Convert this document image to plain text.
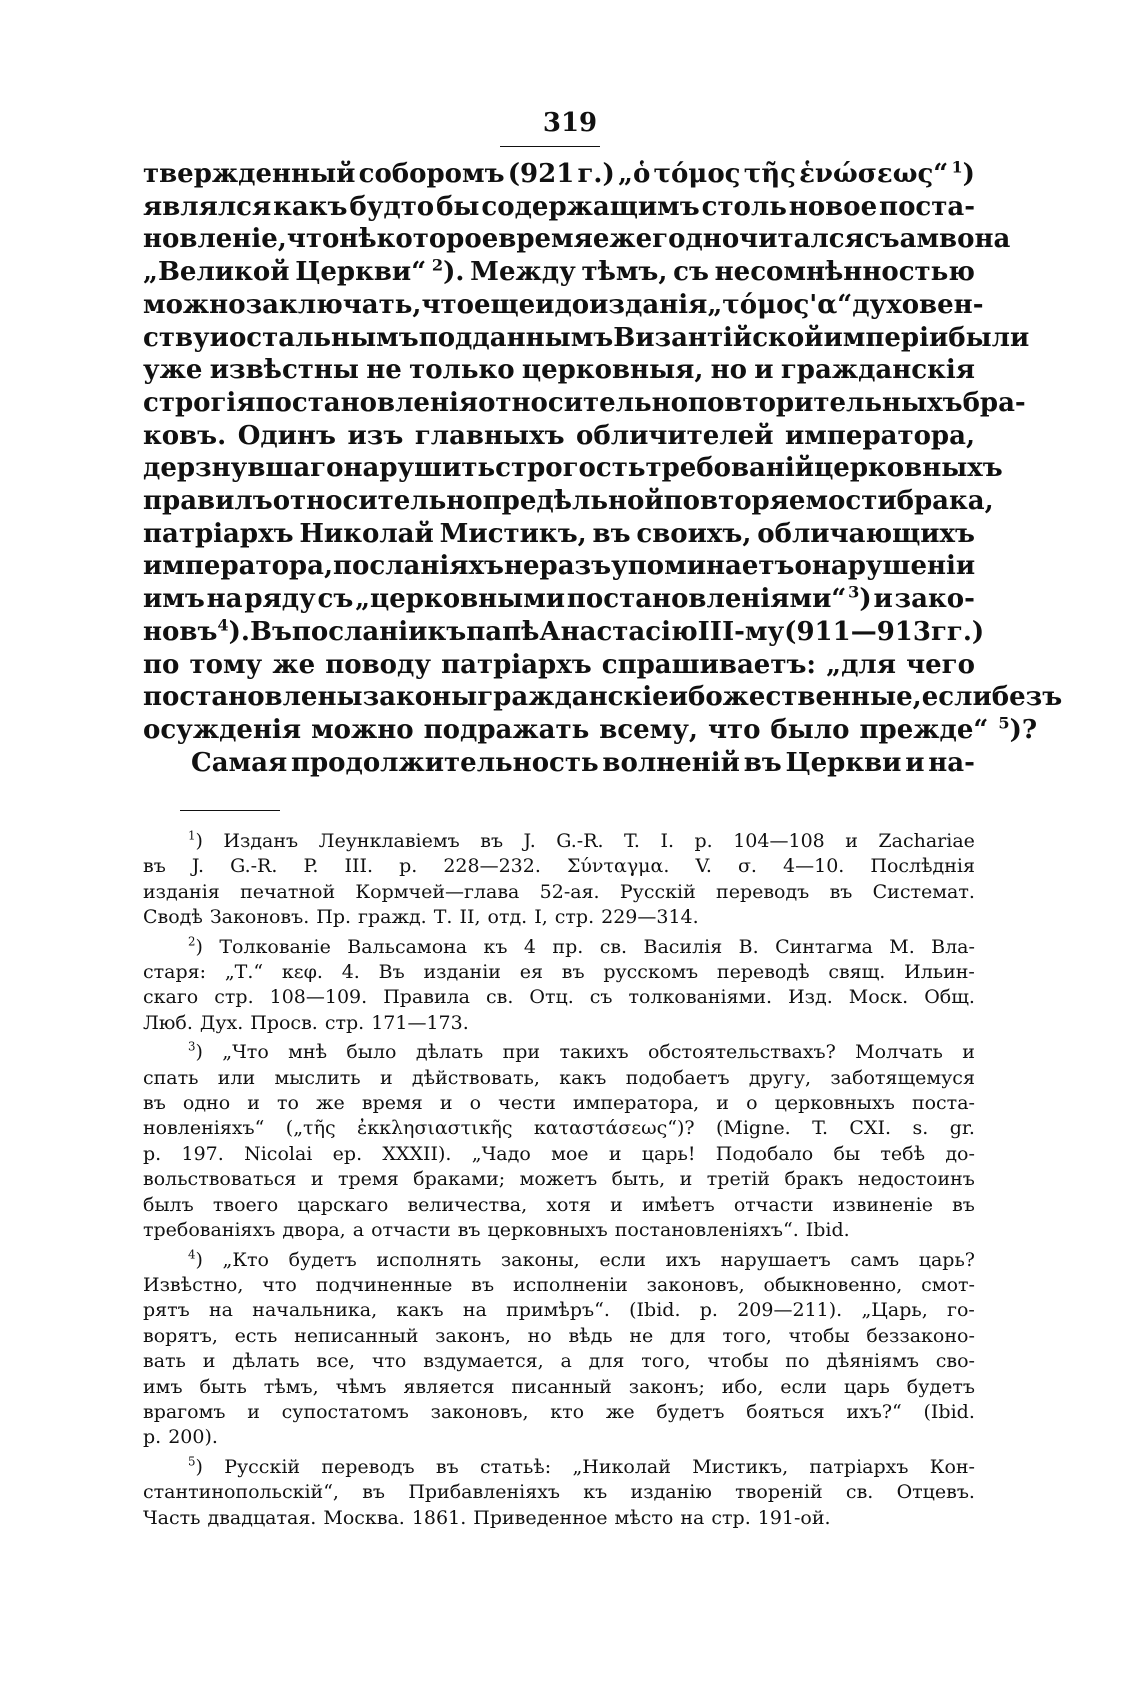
319
твержденный соборомъ (921 г.) „ὁ τόμος τῆς ἑνώσεως“ $^1$)
являлся какъ будто бы содержащимъ столь новое поста-
новленіе, что нѣкоторое время ежегодно читался съ амвона
„Великой Церкви“ $^2$). Между тѣмъ, съ несомнѣнностью
можно заключать, что еще и до изданія „τόμος'α“ духовен-
ству и остальнымъ подданнымъ Византійской имперіи были
уже извѣстны не только церковныя, но и гражданскія
строгія постановленія относительно повторительныхъ бра-
ковъ. Одинъ изъ главныхъ обличителей императора,
дерзнувшаго нарушить строгость требованій церковныхъ
правилъ относительно предѣльной повторяемости брака,
патріархъ Николай Мистикъ, въ своихъ, обличающихъ
императора, посланіяхъ не разъ упоминаетъ о нарушеніи
имъ на ряду съ „церковными постановленіями“ $^3$) и зако-
новъ $^4$). Въ посланіи къ папѣ Анастасію III-му (911—913 гг.)
по тому же поводу патріархъ спрашиваетъ: „для чего
постановлены законы гражданскіе и божественные, если безъ
осужденія можно подражать всему, что было прежде“ $^5$)?
Самая продолжительность волненій въ Церкви и на-
$^1$) Изданъ Леунклавіемъ въ J. G.-R. T. I. p. 104—108 и Zachariae
въ J. G.-R. P. III. p. 228—232. Σύνταγμα. V. σ. 4—10. Послѣднія
изданія печатной Кормчей—глава 52-ая. Русскій переводъ въ Системат.
Сводѣ Законовъ. Пр. гражд. Т. II, отд. I, стр. 229—314.
$^2$) Толкованіе Вальсамона къ 4 пр. св. Василія В. Синтагма М. Вла-
старя: „Т.“ κεφ. 4. Въ изданіи ея въ русскомъ переводѣ свящ. Ильин-
скаго стр. 108—109. Правила св. Отц. съ толкованіями. Изд. Моск. Общ.
Люб. Дух. Просв. стр. 171—173.
$^3$) „Что мнѣ было дѣлать при такихъ обстоятельствахъ? Молчать и
спать или мыслить и дѣйствовать, какъ подобаетъ другу, заботящемуся
въ одно и то же время и о чести императора, и о церковныхъ поста-
новленіяхъ“ („τῆς ἐκκλησιαστικῆς καταστάσεως“)? (Migne. T. CXI. s. gr.
p. 197. Nicolai ep. XXXII). „Чадо мое и царь! Подобало бы тебѣ до-
вольствоваться и тремя браками; можетъ быть, и третій бракъ недостоинъ
былъ твоего царскаго величества, хотя и имѣетъ отчасти извиненіе въ
требованіяхъ двора, а отчасти въ церковныхъ постановленіяхъ“. Ibid.
$^4$) „Кто будетъ исполнять законы, если ихъ нарушаетъ самъ царь?
Извѣстно, что подчиненные въ исполненіи законовъ, обыкновенно, смот-
рятъ на начальника, какъ на примѣръ“. (Ibid. p. 209—211). „Царь, го-
ворятъ, есть неписанный законъ, но вѣдь не для того, чтобы беззаконо-
вать и дѣлать все, что вздумается, а для того, чтобы по дѣяніямъ сво-
имъ быть тѣмъ, чѣмъ является писанный законъ; ибо, если царь будетъ
врагомъ и супостатомъ законовъ, кто же будетъ бояться ихъ?“ (Ibid.
p. 200).
$^5$) Русскій переводъ въ статьѣ: „Николай Мистикъ, патріархъ Кон-
стантинопольскій“, въ Прибавленіяхъ къ изданію твореній св. Отцевъ.
Часть двадцатая. Москва. 1861. Приведенное мѣсто на стр. 191-ой.
